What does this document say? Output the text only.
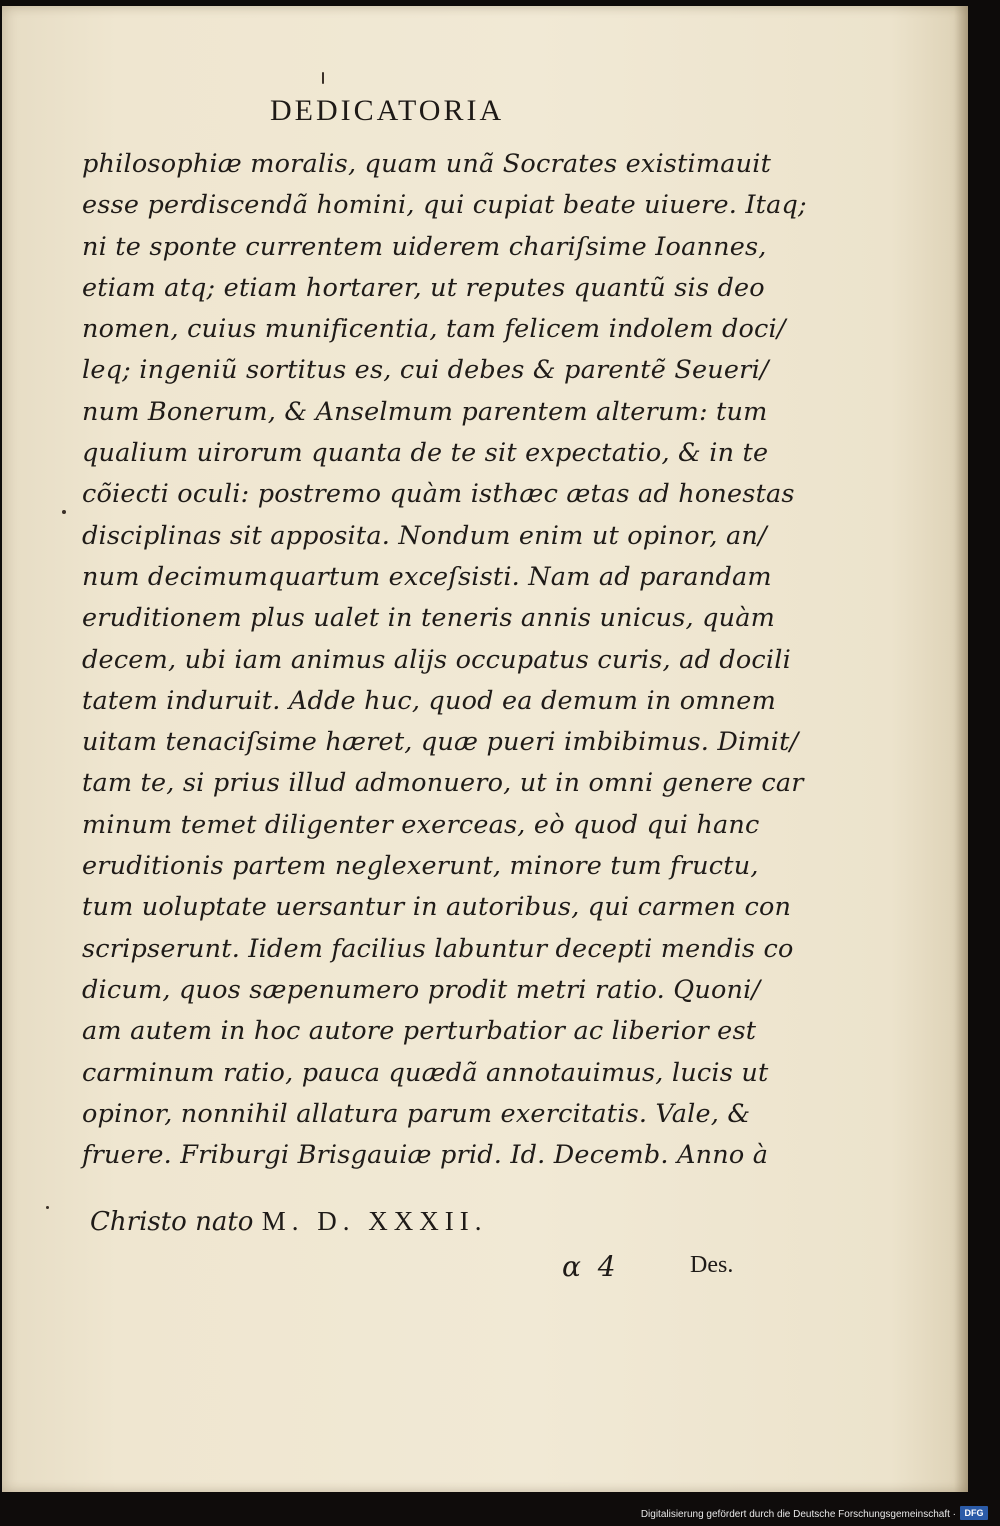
DEDICATORIA
philosophiæ moralis, quam unã Socrates existimauit
esse perdiscendã homini, qui cupiat beate uiuere. Itaq;
ni te sponte currentem uiderem chariſsime Ioannes,
etiam atq; etiam hortarer, ut reputes quantũ sis deo
nomen, cuius munificentia, tam felicem indolem doci/
leq; ingeniũ sortitus es, cui debes & parentẽ Seueri/
num Bonerum, & Anselmum parentem alterum: tum
qualium uirorum quanta de te sit expectatio, & in te
cõiecti oculi: postremo quàm isthæc ætas ad honestas
disciplinas sit apposita. Nondum enim ut opinor, an/
num decimumquartum exceſsisti. Nam ad parandam
eruditionem plus ualet in teneris annis unicus, quàm
decem, ubi iam animus alijs occupatus curis, ad docili
tatem induruit. Adde huc, quod ea demum in omnem
uitam tenaciſsime hæret, quæ pueri imbibimus. Dimit/
tam te, si prius illud admonuero, ut in omni genere car
minum temet diligenter exerceas, eò quod qui hanc
eruditionis partem neglexerunt, minore tum fructu,
tum uoluptate uersantur in autoribus, qui carmen con
scripserunt. Iidem facilius labuntur decepti mendis co
dicum, quos sæpenumero prodit metri ratio. Quoni/
am autem in hoc autore perturbatior ac liberior est
carminum ratio, pauca quædã annotauimus, lucis ut
opinor, nonnihil allatura parum exercitatis. Vale, &
fruere. Friburgi Brisgauiæ prid. Id. Decemb. Anno à
Christo nato M. D. XXXII.
α 4	Des.
Digitalisierung gefördert durch die Deutsche Forschungsgemeinschaft · DFG
